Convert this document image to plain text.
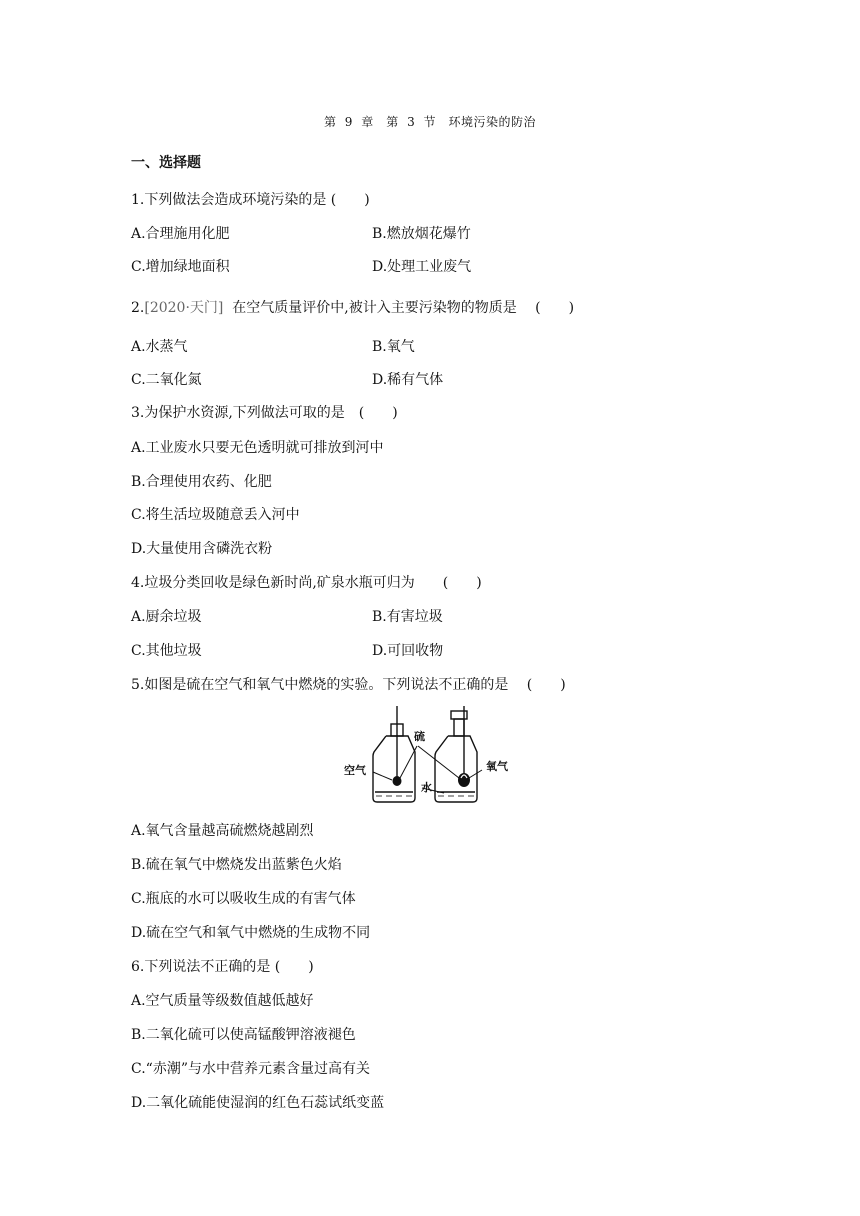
第 9 章　第 3 节　环境污染的防治
一、选择题
1.下列做法会造成环境污染的是 (　　)
A.合理施用化肥	B.燃放烟花爆竹
C.增加绿地面积	D.处理工业废气
2.[2020·天门]  在空气质量评价中,被计入主要污染物的物质是　 (　　)
A.水蒸气	B.氧气
C.二氧化氮	D.稀有气体
3.为保护水资源,下列做法可取的是　(　　)
A.工业废水只要无色透明就可排放到河中
B.合理使用农药、化肥
C.将生活垃圾随意丢入河中
D.大量使用含磷洗衣粉
4.垃圾分类回收是绿色新时尚,矿泉水瓶可归为　　(　　)
A.厨余垃圾	B.有害垃圾
C.其他垃圾	D.可回收物
5.如图是硫在空气和氧气中燃烧的实验。下列说法不正确的是　 (　　)
空气
硫
水
氧气
A.氧气含量越高硫燃烧越剧烈
B.硫在氧气中燃烧发出蓝紫色火焰
C.瓶底的水可以吸收生成的有害气体
D.硫在空气和氧气中燃烧的生成物不同
6.下列说法不正确的是 (　　)
A.空气质量等级数值越低越好
B.二氧化硫可以使高锰酸钾溶液褪色
C.“赤潮”与水中营养元素含量过高有关
D.二氧化硫能使湿润的红色石蕊试纸变蓝
